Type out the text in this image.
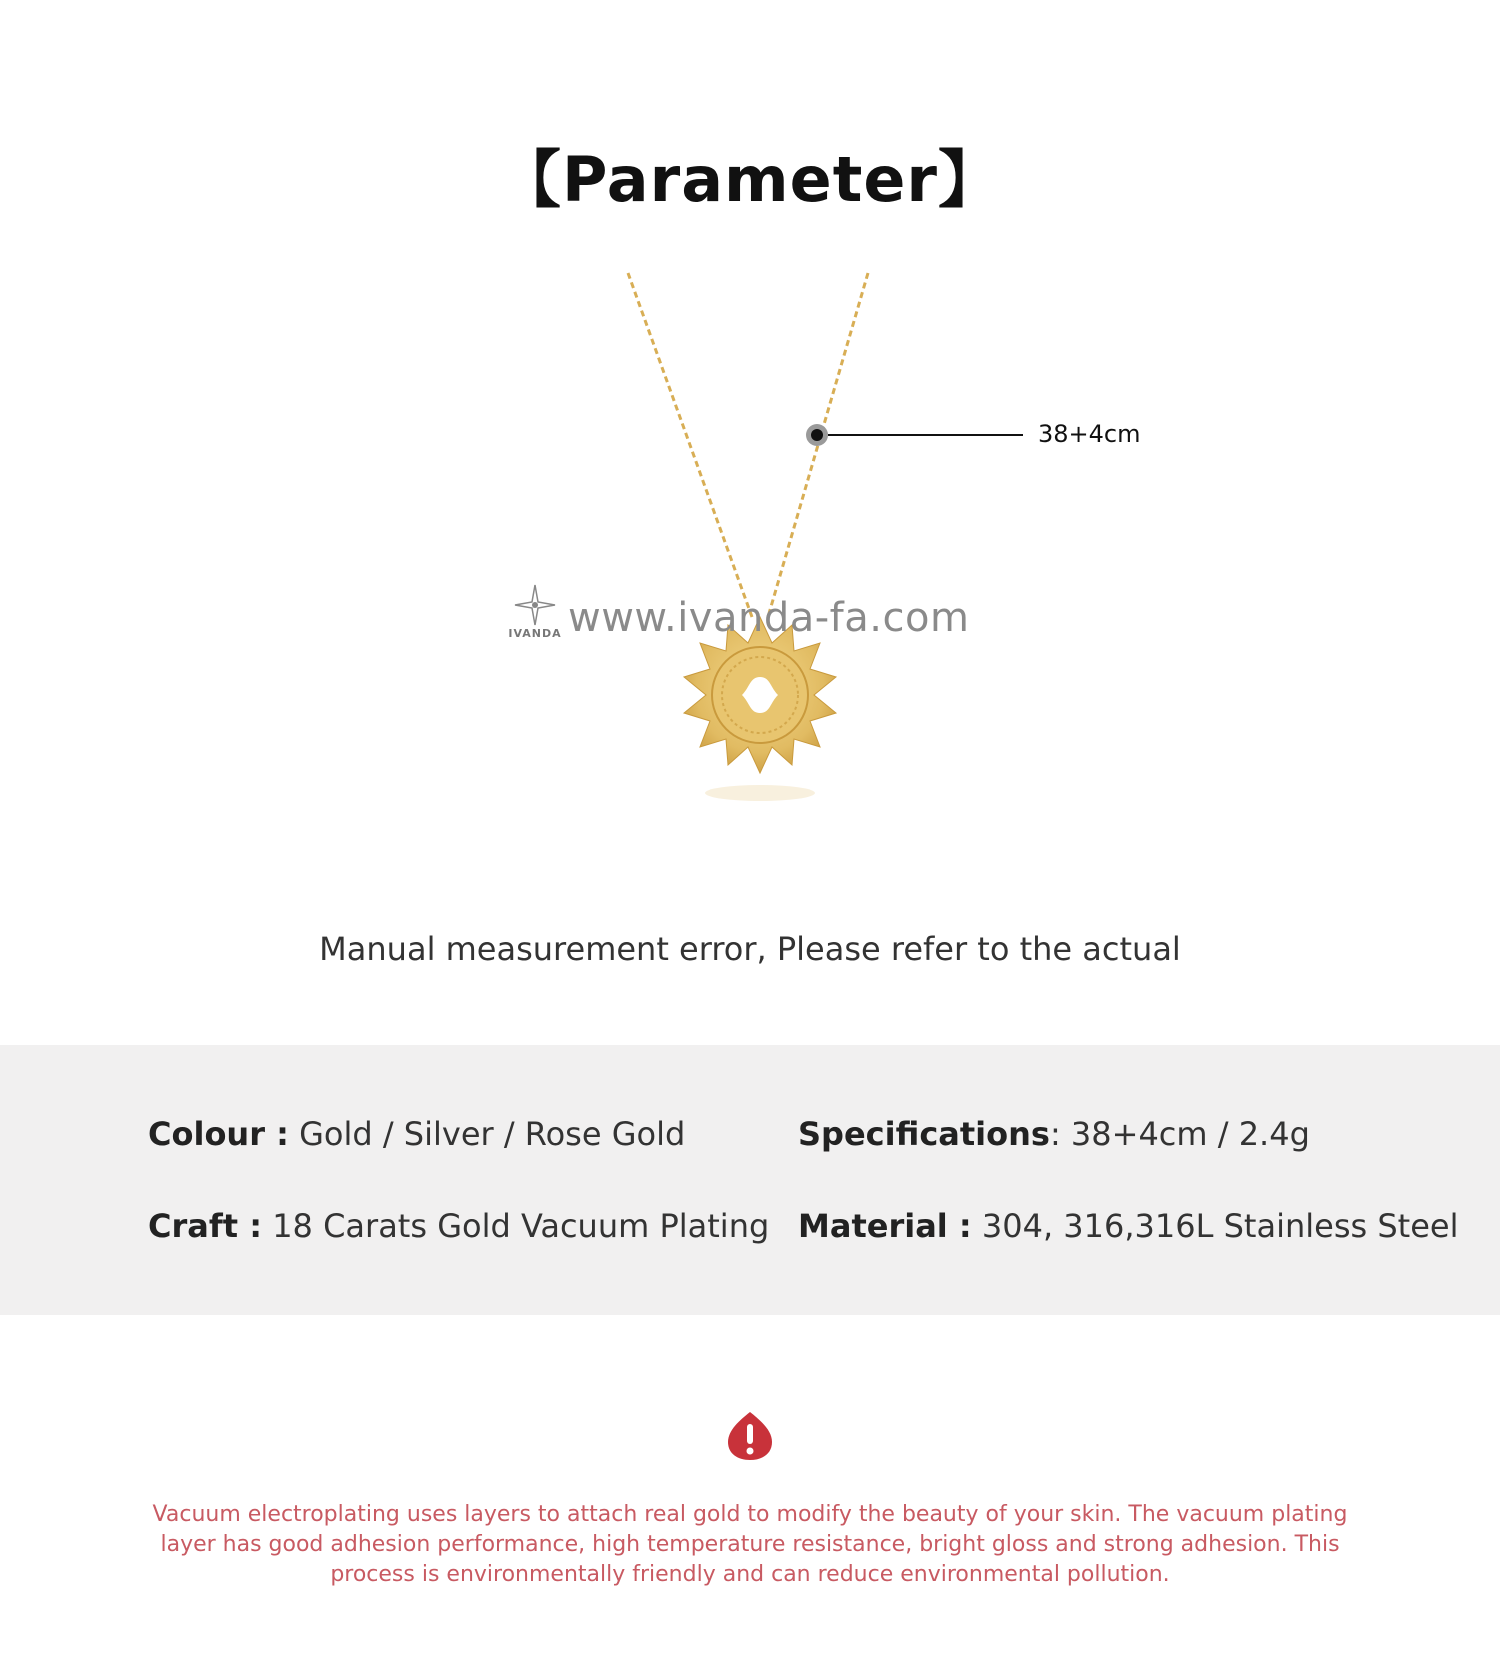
【Parameter】
38+4cm
IVANDA www.ivanda-fa.com
Manual measurement error, Please refer to the actual
Colour : Gold / Silver / Rose Gold	Specifications: 38+4cm / 2.4g
Craft : 18 Carats Gold Vacuum Plating Material : 304, 316,316L Stainless Steel
Vacuum electroplating uses layers to attach real gold to modify the beauty of your skin. The vacuum plating layer has good adhesion performance, high temperature resistance, bright gloss and strong adhesion. This process is environmentally friendly and can reduce environmental pollution.
